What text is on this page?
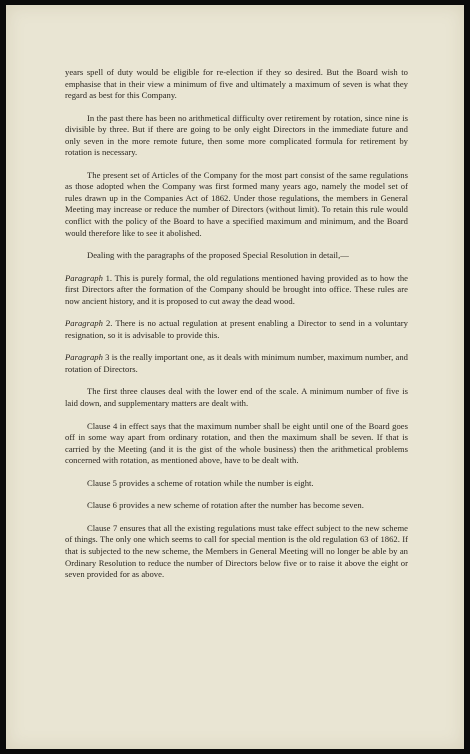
years spell of duty would be eligible for re-election if they so desired. But the Board wish to emphasise that in their view a minimum of five and ultimately a maximum of seven is what they regard as best for this Company.

In the past there has been no arithmetical difficulty over retirement by rotation, since nine is divisible by three. But if there are going to be only eight Directors in the immediate future and only seven in the more remote future, then some more complicated formula for retirement by rotation is necessary.

The present set of Articles of the Company for the most part consist of the same regulations as those adopted when the Company was first formed many years ago, namely the model set of rules drawn up in the Companies Act of 1862. Under those regulations, the members in General Meeting may increase or reduce the number of Directors (without limit). To retain this rule would conflict with the policy of the Board to have a specified maximum and minimum, and the Board would therefore like to see it abolished.

Dealing with the paragraphs of the proposed Special Resolution in detail,—

Paragraph 1. This is purely formal, the old regulations mentioned having provided as to how the first Directors after the formation of the Company should be brought into office. These rules are now ancient history, and it is proposed to cut away the dead wood.

Paragraph 2. There is no actual regulation at present enabling a Director to send in a voluntary resignation, so it is advisable to provide this.

Paragraph 3 is the really important one, as it deals with minimum number, maximum number, and rotation of Directors.

The first three clauses deal with the lower end of the scale. A minimum number of five is laid down, and supplementary matters are dealt with.

Clause 4 in effect says that the maximum number shall be eight until one of the Board goes off in some way apart from ordinary rotation, and then the maximum shall be seven. If that is carried by the Meeting (and it is the gist of the whole business) then the arithmetical problems concerned with rotation, as mentioned above, have to be dealt with.

Clause 5 provides a scheme of rotation while the number is eight.

Clause 6 provides a new scheme of rotation after the number has become seven.

Clause 7 ensures that all the existing regulations must take effect subject to the new scheme of things. The only one which seems to call for special mention is the old regulation 63 of 1862. If that is subjected to the new scheme, the Members in General Meeting will no longer be able by an Ordinary Resolution to reduce the number of Directors below five or to raise it above the eight or seven provided for as above.
